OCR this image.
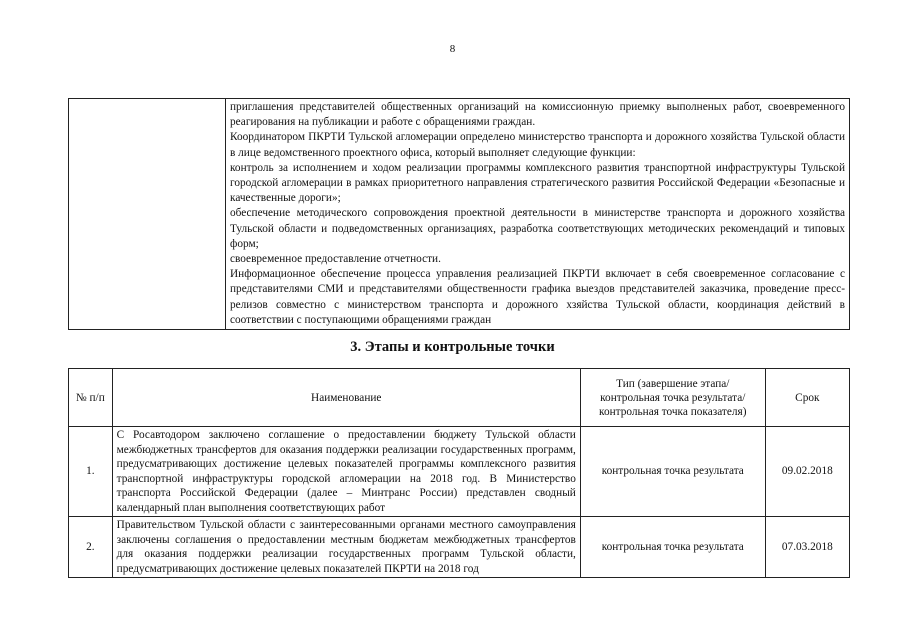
8

приглашения представителей общественных организаций на комиссионную приемку выполненых работ, своевременного реагирования на публикации и работе с обращениями граждан.

Координатором ПКРТИ Тульской агломерации определено министерство транспорта и дорожного хозяйства Тульской области в лице ведомственного проектного офиса, который выполняет следующие функции:

контроль за исполнением и ходом реализации программы комплексного развития транспортной инфраструктуры Тульской городской агломерации в рамках приоритетного направления стратегического развития Российской Федерации «Безопасные и качественные дороги»;

обеспечение методического сопровождения проектной деятельности в министерстве транспорта и дорожного хозяйства Тульской области и подведомственных организациях, разработка соответствующих методических рекомендаций и типовых форм;

своевременное предоставление отчетности.

Информационное обеспечение процесса управления реализацией ПКРТИ включает в себя своевременное согласование с представителями СМИ и представителями общественности графика выездов представителей заказчика, проведение пресс-релизов совместно с министерством транспорта и дорожного хзяйства Тульской области, координация действий в соответствии с поступающими обращениями граждан

3. Этапы и контрольные точки
№ п/п	Наименование	Тип (завершение этапа/ контрольная точка результата/ контрольная точка показателя)	Срок
1.	С Росавтодором заключено соглашение о предоставлении бюджету Тульской области межбюджетных трансфертов для оказания поддержки реализации государственных программ, предусматривающих достижение целевых показателей программы комплексного развития транспортной инфраструктуры городской агломерации на 2018 год. В Министерство транспорта Российской Федерации (далее – Минтранс России) представлен сводный календарный план выполнения соответствующих работ	контрольная точка результата	09.02.2018
2.	Правительством Тульской области с заинтересованными органами местного самоуправления заключены соглашения о предоставлении местным бюджетам межбюджетных трансфертов для оказания поддержки реализации государственных программ Тульской области, предусматривающих достижение целевых показателей ПКРТИ на 2018 год	контрольная точка результата	07.03.2018
